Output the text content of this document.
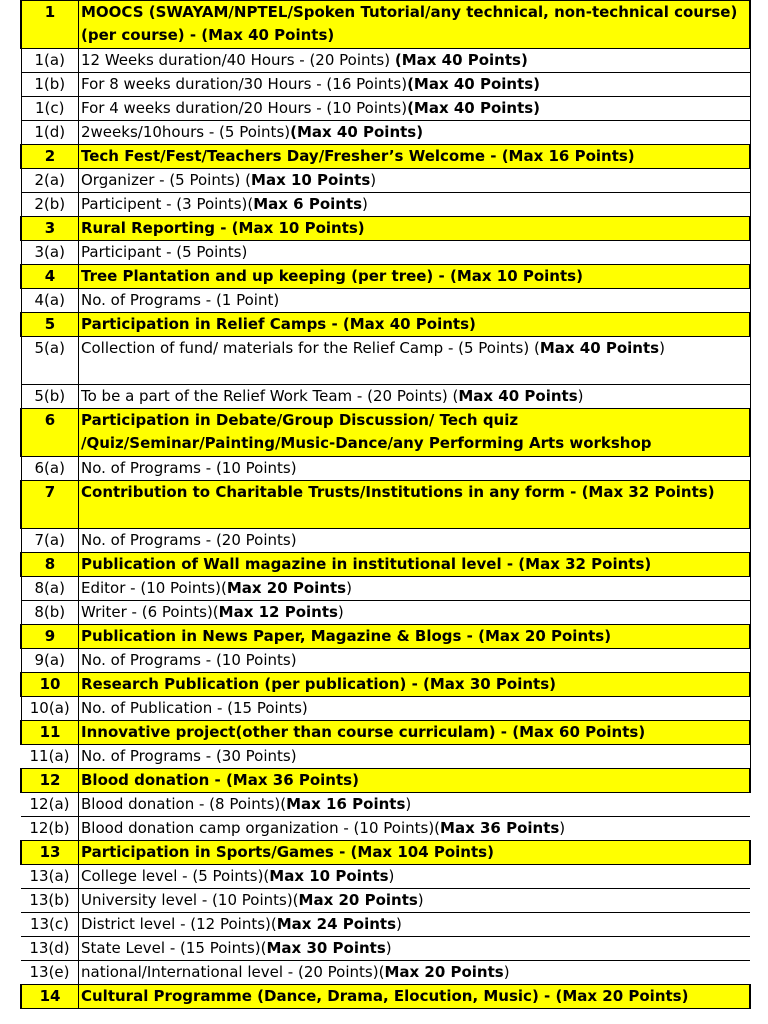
1	MOOCS (SWAYAM/NPTEL/Spoken Tutorial/any technical, non-technical course) (per course) - (Max 40 Points)
1(a)	12 Weeks duration/40 Hours - (20 Points) (Max 40 Points)
1(b)	For 8 weeks duration/30 Hours - (16 Points)(Max 40 Points)
1(c)	For 4 weeks duration/20 Hours - (10 Points)(Max 40 Points)
1(d)	2weeks/10hours - (5 Points)(Max 40 Points)
2	Tech Fest/Fest/Teachers Day/Fresher’s Welcome - (Max 16 Points)
2(a)	Organizer - (5 Points) (Max 10 Points)
2(b)	Participent - (3 Points)(Max 6 Points)
3	Rural Reporting - (Max 10 Points)
3(a)	Participant - (5 Points)
4	Tree Plantation and up keeping (per tree) - (Max 10 Points)
4(a)	No. of Programs - (1 Point)
5	Participation in Relief Camps - (Max 40 Points)
5(a)	Collection of fund/ materials for the Relief Camp - (5 Points) (Max 40 Points)
5(b)	To be a part of the Relief Work Team - (20 Points) (Max 40 Points)
6	Participation in Debate/Group Discussion/ Tech quiz /Quiz/Seminar/Painting/Music-Dance/any Performing Arts workshop
6(a)	No. of Programs - (10 Points)
7	Contribution to Charitable Trusts/Institutions in any form - (Max 32 Points)
7(a)	No. of Programs - (20 Points)
8	Publication of Wall magazine in institutional level - (Max 32 Points)
8(a)	Editor - (10 Points)(Max 20 Points)
8(b)	Writer - (6 Points)(Max 12 Points)
9	Publication in News Paper, Magazine & Blogs - (Max 20 Points)
9(a)	No. of Programs - (10 Points)
10	Research Publication (per publication) - (Max 30 Points)
10(a)	No. of Publication - (15 Points)
11	Innovative project(other than course curriculam) - (Max 60 Points)
11(a)	No. of Programs - (30 Points)
12	Blood donation - (Max 36 Points)
12(a)	Blood donation - (8 Points)(Max 16 Points)
12(b)	Blood donation camp organization - (10 Points)(Max 36 Points)
13	Participation in Sports/Games - (Max 104 Points)
13(a)	College level - (5 Points)(Max 10 Points)
13(b)	University level - (10 Points)(Max 20 Points)
13(c)	District level - (12 Points)(Max 24 Points)
13(d)	State Level - (15 Points)(Max 30 Points)
13(e)	national/International level - (20 Points)(Max 20 Points)
14	Cultural Programme (Dance, Drama, Elocution, Music) - (Max 20 Points)
